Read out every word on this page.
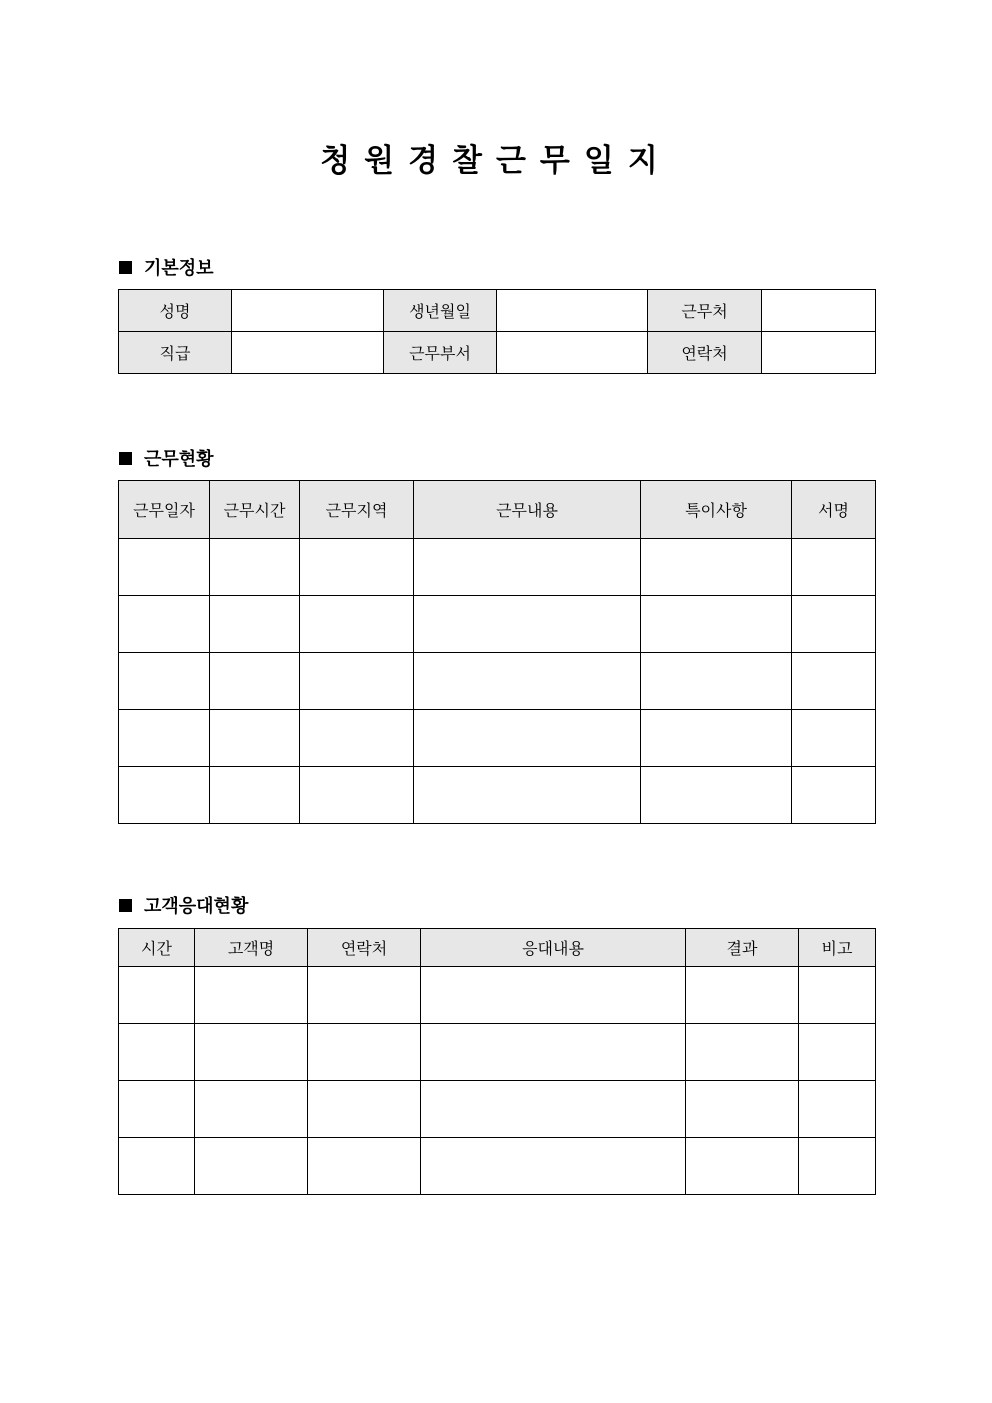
청원경찰근무일지
기본정보
성명		생년월일		근무처	
직급		근무부서		연락처	
근무현황
근무일자	근무시간	근무지역	근무내용	특이사항	서명

고객응대현황
시간	고객명	연락처	응대내용	결과	비고
